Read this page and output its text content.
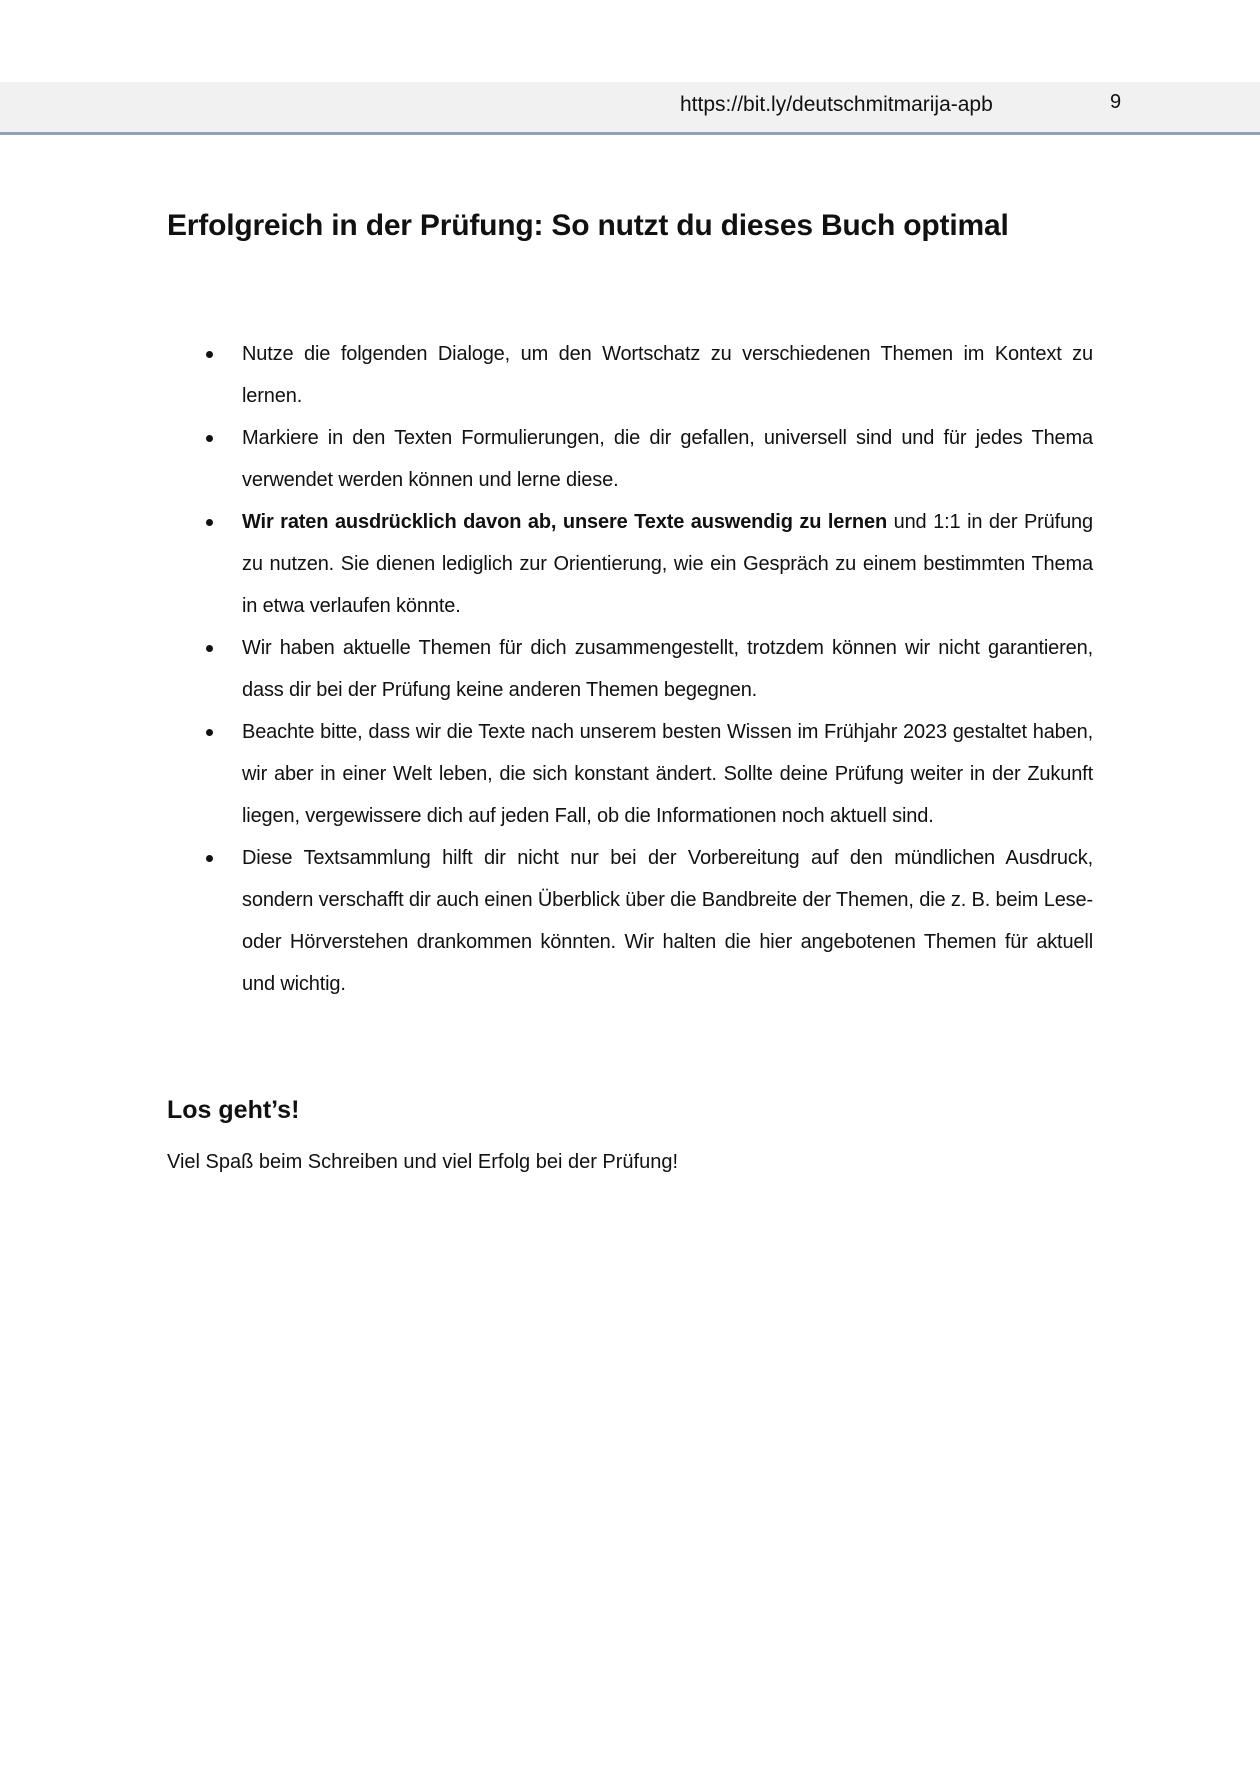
https://bit.ly/deutschmitmarija-apb	9
Erfolgreich in der Prüfung: So nutzt du dieses Buch optimal
Nutze die folgenden Dialoge, um den Wortschatz zu verschiedenen Themen im Kontext zu lernen.
Markiere in den Texten Formulierungen, die dir gefallen, universell sind und für jedes Thema verwendet werden können und lerne diese.
Wir raten ausdrücklich davon ab, unsere Texte auswendig zu lernen und 1:1 in der Prüfung zu nutzen. Sie dienen lediglich zur Orientierung, wie ein Gespräch zu einem bestimmten Thema in etwa verlaufen könnte.
Wir haben aktuelle Themen für dich zusammengestellt, trotzdem können wir nicht garantieren, dass dir bei der Prüfung keine anderen Themen begegnen.
Beachte bitte, dass wir die Texte nach unserem besten Wissen im Frühjahr 2023 gestaltet haben, wir aber in einer Welt leben, die sich konstant ändert. Sollte deine Prüfung weiter in der Zukunft liegen, vergewissere dich auf jeden Fall, ob die Informationen noch aktuell sind.
Diese Textsammlung hilft dir nicht nur bei der Vorbereitung auf den mündlichen Ausdruck, sondern verschafft dir auch einen Überblick über die Bandbreite der Themen, die z. B. beim Lese- oder Hörverstehen drankommen könnten. Wir halten die hier angebotenen Themen für aktuell und wichtig.
Los geht’s!

Viel Spaß beim Schreiben und viel Erfolg bei der Prüfung!
